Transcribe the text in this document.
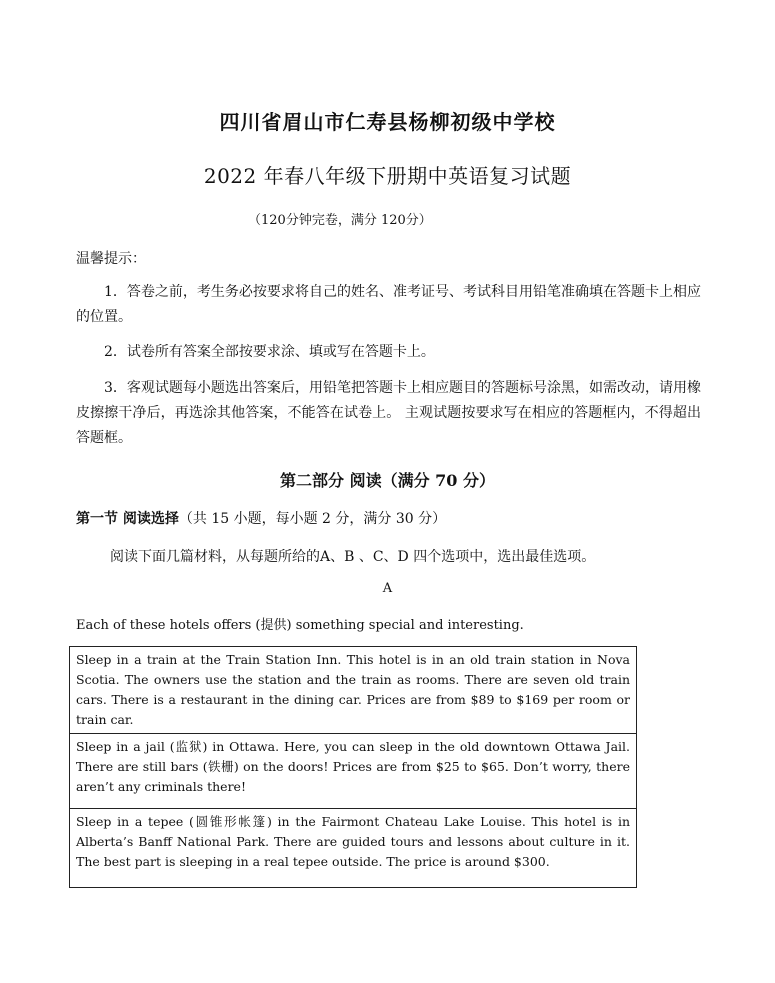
四川省眉山市仁寿县杨柳初级中学校
2022 年春八年级下册期中英语复习试题
（120分钟完卷，满分 120分）
温馨提示：
1．答卷之前，考生务必按要求将自己的姓名、准考证号、考试科目用铅笔准确填在答题卡上相应的位置。
2．试卷所有答案全部按要求涂、填或写在答题卡上。
3．客观试题每小题选出答案后，用铅笔把答题卡上相应题目的答题标号涂黑，如需改动，请用橡皮擦擦干净后，再选涂其他答案，不能答在试卷上。 主观试题按要求写在相应的答题框内，不得超出答题框。
第二部分 阅读（满分 70 分）
第一节 阅读选择（共 15 小题，每小题 2 分，满分 30 分）
阅读下面几篇材料，从每题所给的A、B 、C、D 四个选项中，选出最佳选项。
A
Each of these hotels offers (提供) something special and interesting.
Sleep in a train at the Train Station Inn. This hotel is in an old train station in Nova Scotia. The owners use the station and the train as rooms. There are seven old train cars. There is a restaurant in the dining car. Prices are from $89 to $169 per room or train car.
Sleep in a jail (监狱) in Ottawa. Here, you can sleep in the old downtown Ottawa Jail. There are still bars (铁栅) on the doors! Prices are from $25 to $65. Don’t worry, there aren’t any criminals there!
Sleep in a tepee (圆锥形帐篷) in the Fairmont Chateau Lake Louise. This hotel is in Alberta’s Banff National Park. There are guided tours and lessons about culture in it. The best part is sleeping in a real tepee outside. The price is around $300.
